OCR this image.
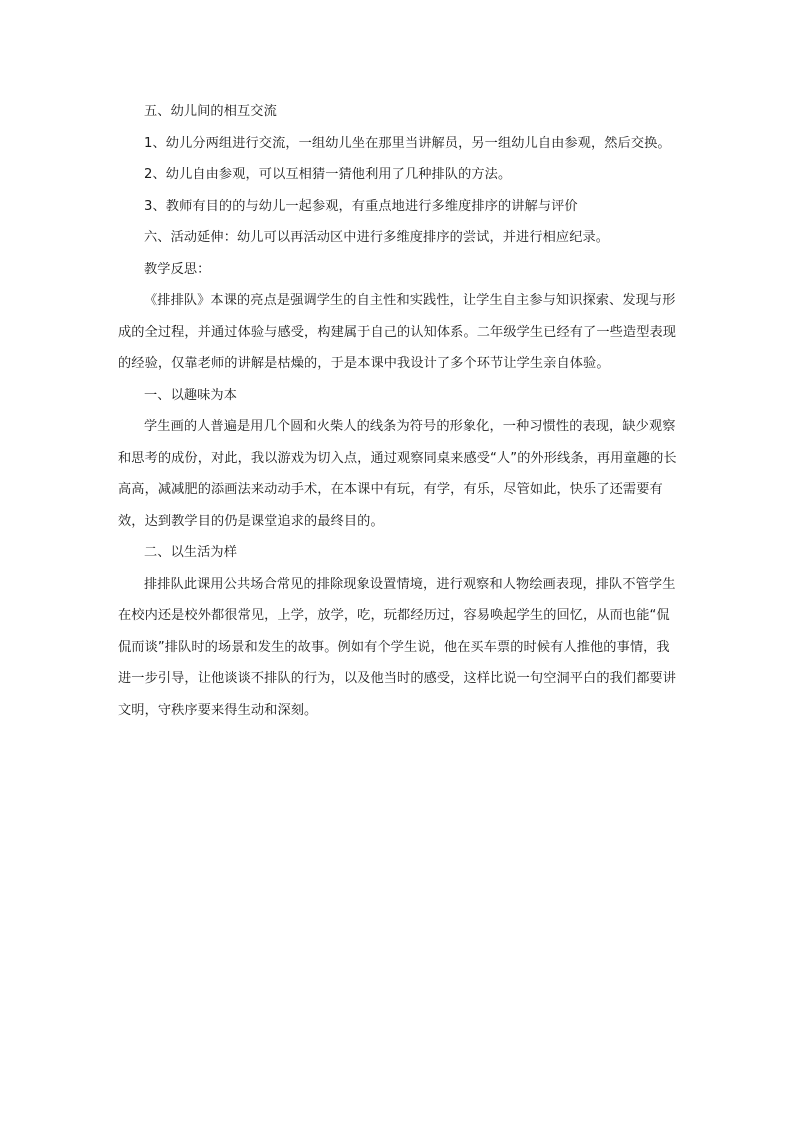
五、幼儿间的相互交流

1、幼儿分两组进行交流，一组幼儿坐在那里当讲解员，另一组幼儿自由参观，然后交换。

2、幼儿自由参观，可以互相猜一猜他利用了几种排队的方法。

3、教师有目的的与幼儿一起参观，有重点地进行多维度排序的讲解与评价

六、活动延伸：幼儿可以再活动区中进行多维度排序的尝试，并进行相应纪录。

教学反思：

《排排队》本课的亮点是强调学生的自主性和实践性，让学生自主参与知识探索、发现与形成的全过程，并通过体验与感受，构建属于自己的认知体系。二年级学生已经有了一些造型表现的经验，仅靠老师的讲解是枯燥的，于是本课中我设计了多个环节让学生亲自体验。

一、以趣味为本

学生画的人普遍是用几个圆和火柴人的线条为符号的形象化，一种习惯性的表现，缺少观察和思考的成份，对此，我以游戏为切入点，通过观察同桌来感受“人”的外形线条，再用童趣的长高高，减减肥的添画法来动动手术，在本课中有玩，有学，有乐，尽管如此，快乐了还需要有效，达到教学目的仍是课堂追求的最终目的。

二、以生活为样

排排队此课用公共场合常见的排除现象设置情境，进行观察和人物绘画表现，排队不管学生在校内还是校外都很常见，上学，放学，吃，玩都经历过，容易唤起学生的回忆，从而也能“侃侃而谈”排队时的场景和发生的故事。例如有个学生说，他在买车票的时候有人推他的事情，我进一步引导，让他谈谈不排队的行为，以及他当时的感受，这样比说一句空洞平白的我们都要讲文明，守秩序要来得生动和深刻。
